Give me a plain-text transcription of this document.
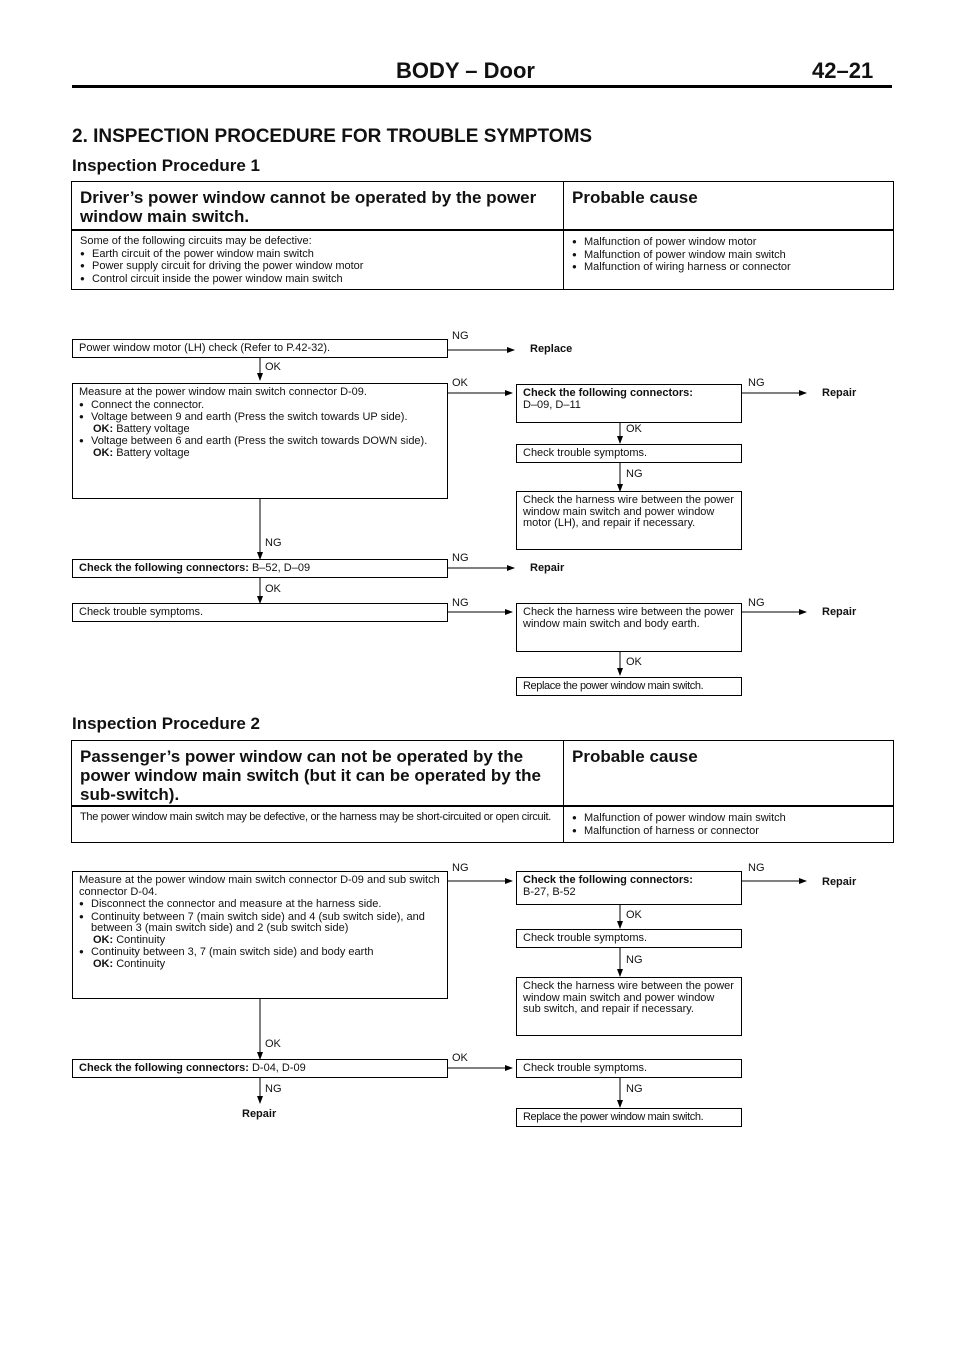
BODY – Door	42–21
2. INSPECTION PROCEDURE FOR TROUBLE SYMPTOMS
Inspection Procedure 1
Driver’s power window cannot be operated by the power window main switch.
Probable cause
Some of the following circuits may be defective:
● Earth circuit of the power window main switch
● Power supply circuit for driving the power window motor
● Control circuit inside the power window main switch
● Malfunction of power window motor
● Malfunction of power window main switch
● Malfunction of wiring harness or connector
Power window motor (LH) check (Refer to P.42-32).
Measure at the power window main switch connector D-09.
● Connect the connector.
● Voltage between 9 and earth (Press the switch towards UP side).
OK: Battery voltage
● Voltage between 6 and earth (Press the switch towards DOWN side).
OK: Battery voltage
Check the following connectors: B–52, D–09
Check trouble symptoms.
Check the following connectors:
D–09, D–11
Check trouble symptoms.
Check the harness wire between the power window main switch and power window motor (LH), and repair if necessary.
Check the harness wire between the power window main switch and body earth.
Replace the power window main switch.
NG
Replace
OK
OK	NG
Repair
OK
NG
NG
NG
Repair
OK
NG	NG
Repair
OK
Inspection Procedure 2
Passenger’s power window can not be operated by the power window main switch (but it can be operated by the sub-switch).
Probable cause
The power window main switch may be defective, or the harness may be short-circuited or open circuit.
●	Malfunction of power window main switch
● Malfunction of harness or connector
Measure at the power window main switch connector D-09 and sub switch connector D-04.
● Disconnect the connector and measure at the harness side.
● Continuity between 7 (main switch side) and 4 (sub switch side), and between 3 (main switch side) and 2 (sub switch side)
OK: Continuity
● Continuity between 3, 7 (main switch side) and body earth
OK: Continuity
Check the following connectors: D-04, D-09
Check the following connectors:
B-27, B-52
Check trouble symptoms.
Check the harness wire between the power window main switch and power window sub switch, and repair if necessary.
Check trouble symptoms.
Replace the power window main switch.
NG	NG
Repair
OK
NG
OK
OK
NG	NG
Repair
